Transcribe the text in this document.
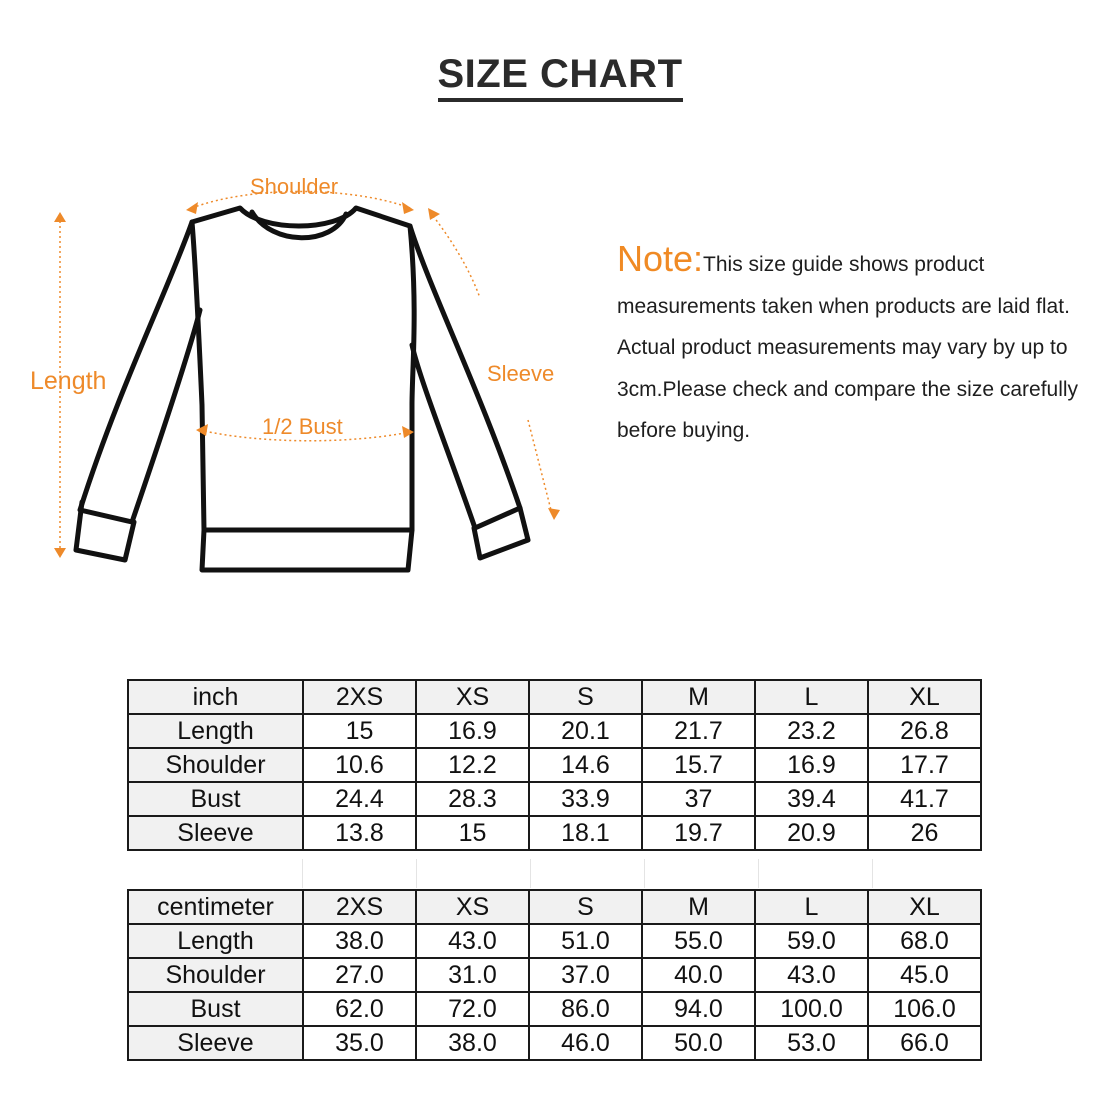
SIZE CHART
Shoulder
Length	Sleeve
1/2 Bust
Note:This size guide shows product measurements taken when products are laid flat. Actual product measurements may vary by up to 3cm.Please check and compare the size carefully before buying.
inch	2XS	XS	S	M	L	XL
Length	15	16.9	20.1	21.7	23.2	26.8
Shoulder	10.6	12.2	14.6	15.7	16.9	17.7
Bust	24.4	28.3	33.9	37	39.4	41.7
Sleeve	13.8	15	18.1	19.7	20.9	26
centimeter	2XS	XS	S	M	L	XL
Length	38.0	43.0	51.0	55.0	59.0	68.0
Shoulder	27.0	31.0	37.0	40.0	43.0	45.0
Bust	62.0	72.0	86.0	94.0	100.0	106.0
Sleeve	35.0	38.0	46.0	50.0	53.0	66.0
